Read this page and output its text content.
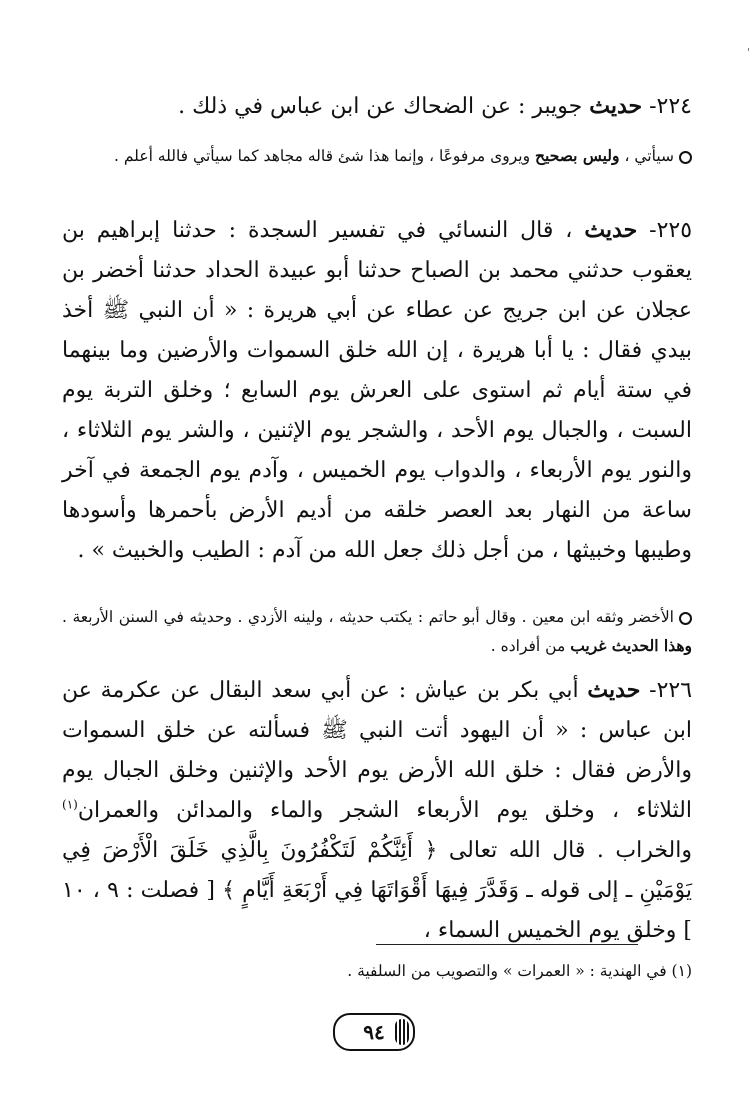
٢٢٤- حديث جويبر : عن الضحاك عن ابن عباس في ذلك .

سيأتي ، وليس بصحيح ويروى مرفوعًا ، وإنما هذا شئ قاله مجاهد كما سيأتي فالله أعلم .

٢٢٥- حديث ، قال النسائي في تفسير السجدة : حدثنا إبراهيم بن يعقوب حدثني محمد بن الصباح حدثنا أبو عبيدة الحداد حدثنا أخضر بن عجلان عن ابن جريج عن عطاء عن أبي هريرة : « أن النبي ﷺ أخذ بيدي فقال : يا أبا هريرة ، إن الله خلق السموات والأرضين وما بينهما في ستة أيام ثم استوى على العرش يوم السابع ؛ وخلق التربة يوم السبت ، والجبال يوم الأحد ، والشجر يوم الإثنين ، والشر يوم الثلاثاء ، والنور يوم الأربعاء ، والدواب يوم الخميس ، وآدم يوم الجمعة في آخر ساعة من النهار بعد العصر خلقه من أديم الأرض بأحمرها وأسودها وطيبها وخبيثها ، من أجل ذلك جعل الله من آدم : الطيب والخبيث » .

الأخضر وثقه ابن معين . وقال أبو حاتم : يكتب حديثه ، ولينه الأزدي . وحديثه في السنن الأربعة . وهذا الحديث غريب من أفراده .

٢٢٦- حديث أبي بكر بن عياش : عن أبي سعد البقال عن عكرمة عن ابن عباس : « أن اليهود أتت النبي ﷺ فسألته عن خلق السموات والأرض فقال : خلق الله الأرض يوم الأحد والإثنين وخلق الجبال يوم الثلاثاء ، وخلق يوم الأربعاء الشجر والماء والمدائن والعمران$^{(١)}$ والخراب . قال الله تعالى ﴿ أَئِنَّكُمْ لَتَكْفُرُونَ بِالَّذِي خَلَقَ الْأَرْضَ فِي يَوْمَيْنِ ـ إلى قوله ـ وَقَدَّرَ فِيهَا أَقْوَاتَهَا فِي أَرْبَعَةِ أَيَّامٍ ﴾ [ فصلت : ٩ ، ١٠ ] وخلق يوم الخميس السماء ،

(١) في الهندية : « العمرات » والتصويب من السلفية .

٩٤
